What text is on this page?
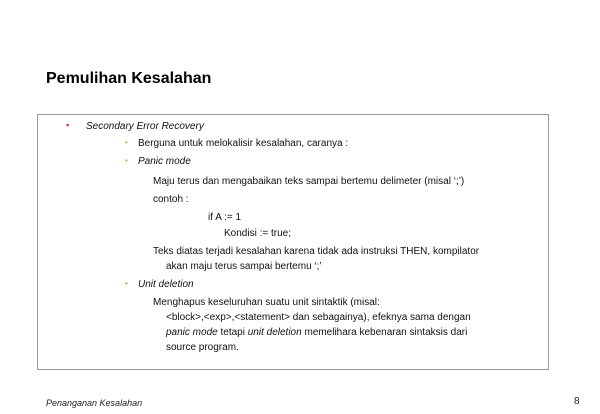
Pemulihan Kesalahan
▪ Secondary Error Recovery
• Berguna untuk melokalisir kesalahan, caranya :
• Panic mode
Maju terus dan mengabaikan teks sampai bertemu delimeter (misal ‘;’)
contoh :
if A := 1
Kondisi := true;
Teks diatas terjadi kesalahan karena tidak ada instruksi THEN, kompilator
akan maju terus sampai bertemu ‘;’
• Unit deletion
Menghapus keseluruhan suatu unit sintaktik (misal:
<block>,<exp>,<statement> dan sebagainya), efeknya sama dengan
panic mode tetapi unit deletion memelihara kebenaran sintaksis dari
source program.
Penanganan Kesalahan	8
